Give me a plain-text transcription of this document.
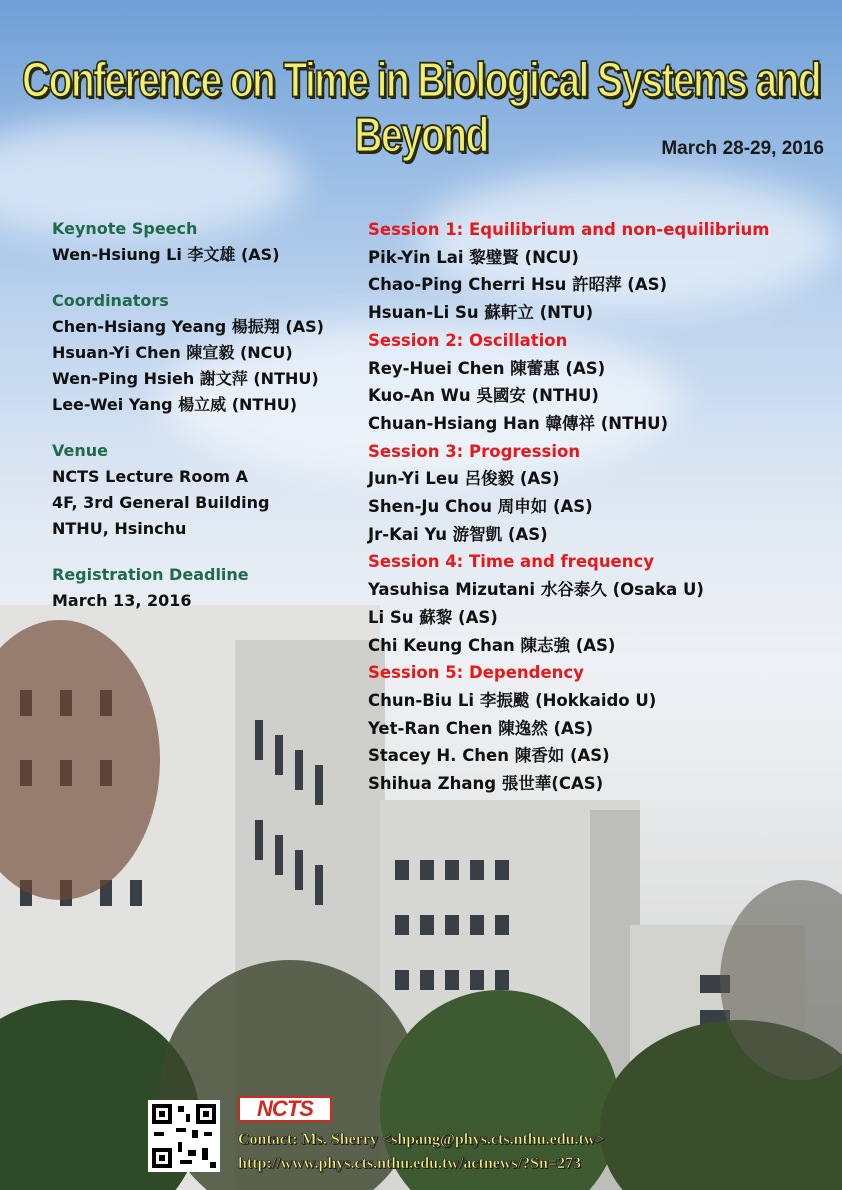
Conference on Time in Biological Systems and Beyond	March 28-29, 2016
Keynote Speech
Wen-Hsiung Li 李文雄 (AS)
Coordinators
Chen-Hsiang Yeang 楊振翔 (AS)
Hsuan-Yi Chen 陳宣毅 (NCU)
Wen-Ping Hsieh 謝文萍 (NTHU)
Lee-Wei Yang 楊立威 (NTHU)
Venue
NCTS Lecture Room A
4F, 3rd General Building
NTHU, Hsinchu
Registration Deadline
March 13, 2016
Session 1: Equilibrium and non-equilibrium
Pik-Yin Lai 黎璧賢 (NCU)
Chao-Ping Cherri Hsu 許昭萍 (AS)
Hsuan-Li Su 蘇軒立 (NTU)
Session 2: Oscillation
Rey-Huei Chen 陳蕾惠 (AS)
Kuo-An Wu 吳國安 (NTHU)
Chuan-Hsiang Han 韓傳祥 (NTHU)
Session 3: Progression
Jun-Yi Leu 呂俊毅 (AS)
Shen-Ju Chou 周申如 (AS)
Jr-Kai Yu 游智凱 (AS)
Session 4: Time and frequency
Yasuhisa Mizutani 水谷泰久 (Osaka U)
Li Su 蘇黎 (AS)
Chi Keung Chan 陳志強 (AS)
Session 5: Dependency
Chun-Biu Li 李振颰 (Hokkaido U)
Yet-Ran Chen 陳逸然 (AS)
Stacey H. Chen 陳香如 (AS)
Shihua Zhang 張世華(CAS)
NCTS
Contact: Ms. Sherry <shpang@phys.cts.nthu.edu.tw>
http://www.phys.cts.nthu.edu.tw/actnews/?Sn=273
